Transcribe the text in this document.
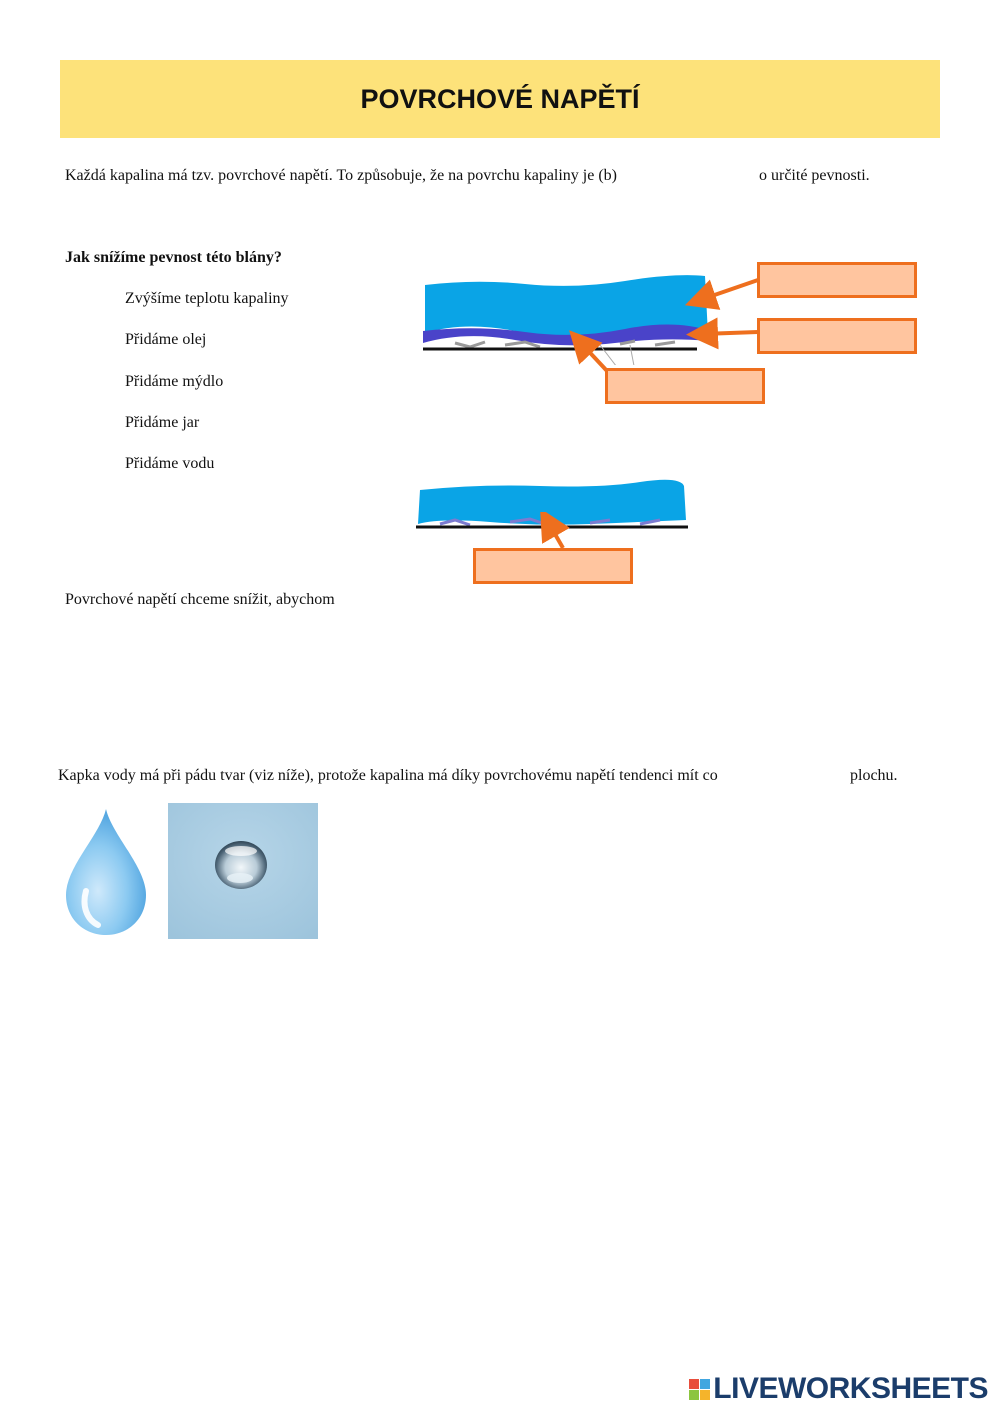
POVRCHOVÉ NAPĚTÍ
Každá kapalina má tzv. povrchové napětí. To způsobuje, že na povrchu kapaliny je (b)	o určité pevnosti.
Jak snížíme pevnost této blány?
Zvýšíme teplotu kapaliny
Přidáme olej
Přidáme mýdlo
Přidáme jar
Přidáme vodu
Povrchové napětí chceme snížit, abychom
Kapka vody má při pádu tvar (viz níže), protože kapalina má díky povrchovému napětí tendenci mít co	plochu.
LIVEWORKSHEETS
